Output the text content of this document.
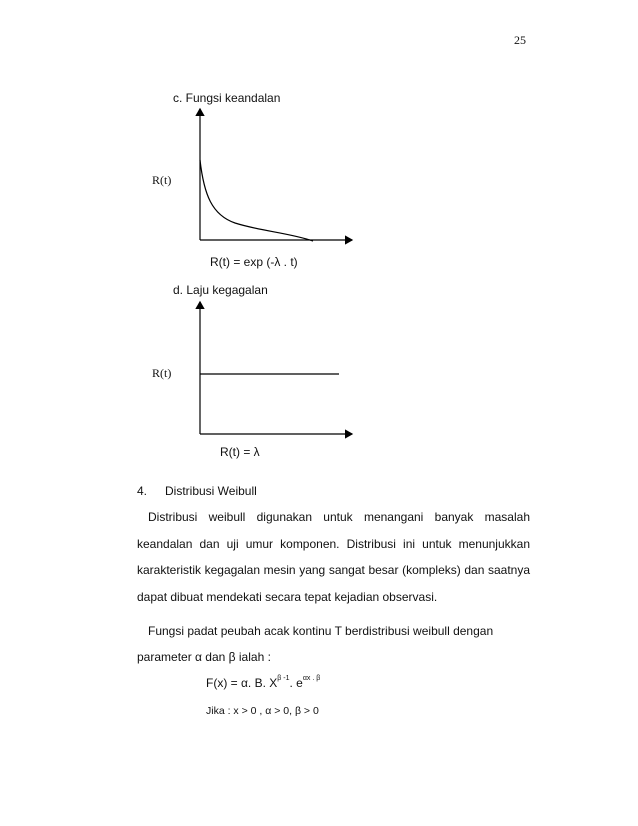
25
c. Fungsi keandalan
R(t)
R(t) = exp (-λ . t)
d. Laju kegagalan
R(t)
R(t) = λ
4. Distribusi Weibull
Distribusi weibull digunakan untuk menangani banyak masalah
keandalan dan uji umur komponen. Distribusi ini untuk menunjukkan
karakteristik kegagalan mesin yang sangat besar (kompleks) dan saatnya
dapat dibuat mendekati secara tepat kejadian observasi.
Fungsi padat peubah acak kontinu T berdistribusi weibull dengan
parameter α dan β ialah :
F(x) = α. Β. $X^{\beta -1}$. $e^{\alpha x . \beta}$
Jika : x > 0 , α > 0, β > 0
